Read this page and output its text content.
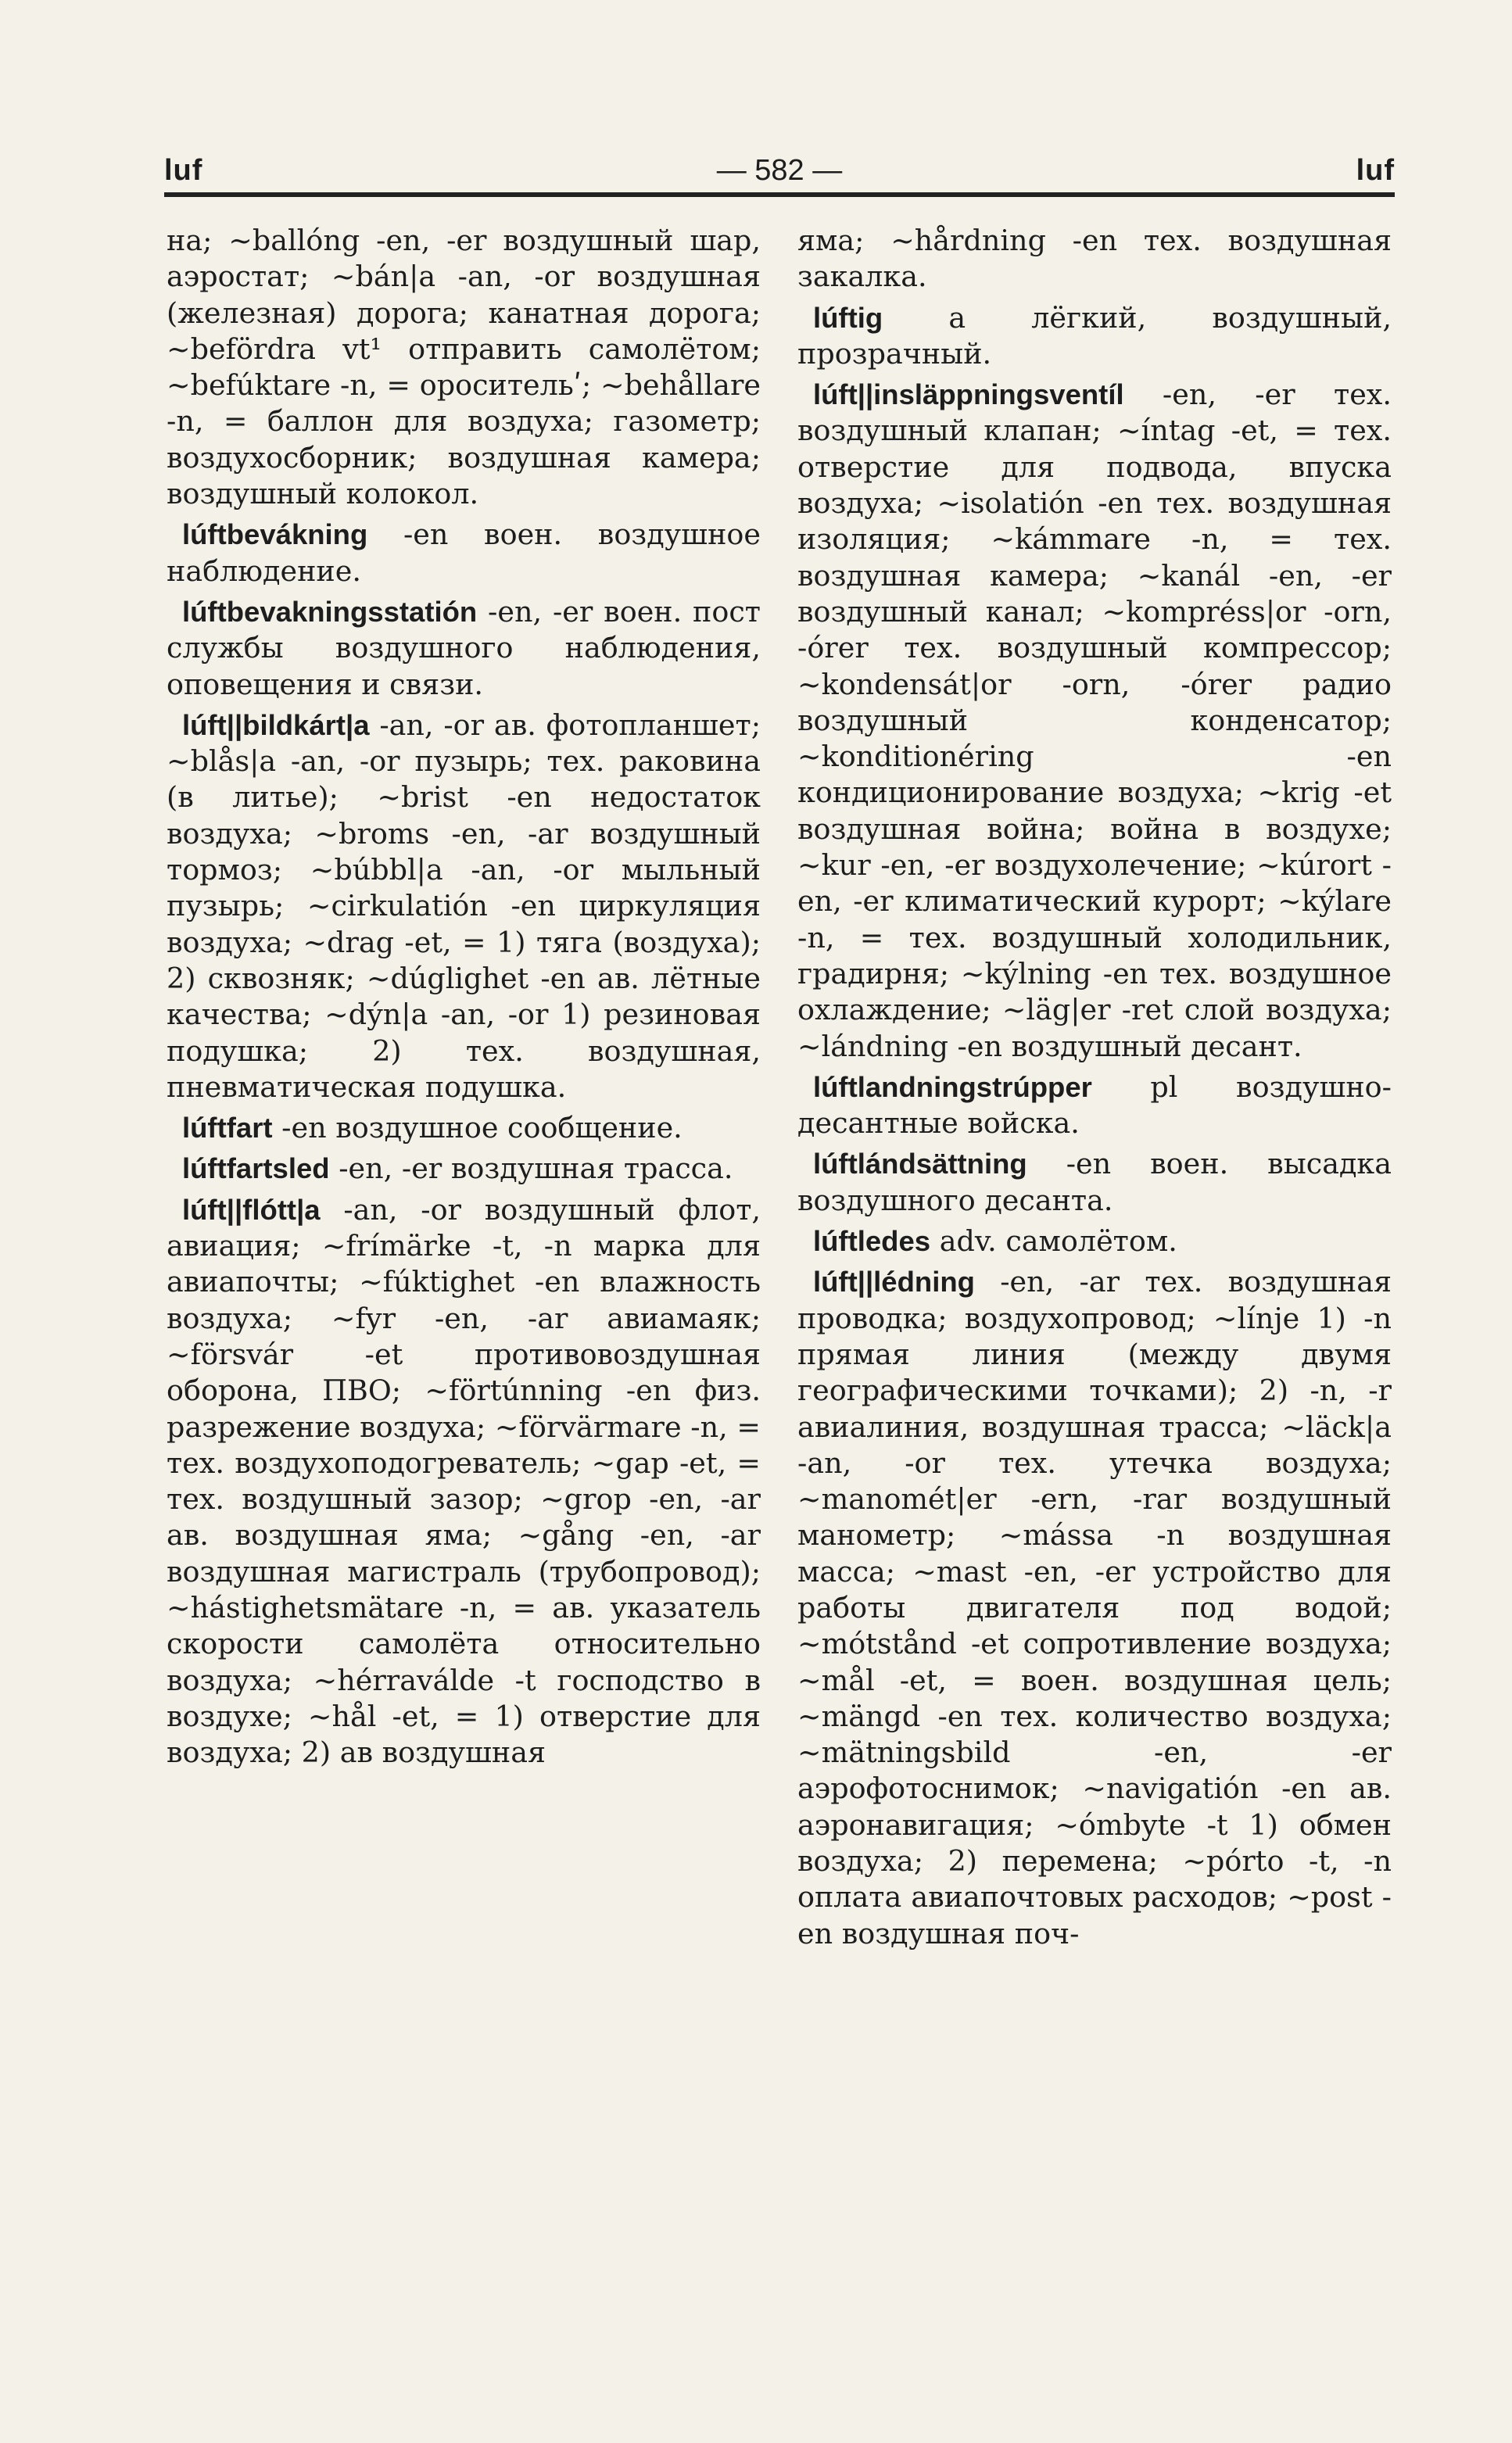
luf	— 582 —	luf

на; ~ballóng -en, -er воздушный шар, аэростат; ~bán|a -an, -or воздушная (железная) дорога; канатная дорога; ~befördra vt¹ отправить самолётом; ~befúktare -n, = оросительʹ; ~behållare -n, = баллон для воздуха; газометр; воздухосборник; воздушная камера; воздушный колокол.

lúftbevákning -en воен. воздушное наблюдение.

lúftbevakningsstatión -en, -er воен. пост службы воздушного наблюдения, оповещения и связи.

lúft||bildkárt|a -an, -or ав. фотопланшет; ~blås|a -an, -or пузырь; тех. раковина (в литье); ~brist -en недостаток воздуха; ~broms -en, -ar воздушный тормоз; ~búbbl|a -an, -or мыльный пузырь; ~cirkulatión -en циркуляция воздуха; ~drag -et, = 1) тяга (воздуха); 2) сквозняк; ~dúglighet -en ав. лётные качества; ~dýn|a -an, -or 1) резиновая подушка; 2) тех. воздушная, пневматическая подушка.

lúftfart -en воздушное сообщение.

lúftfartsled -en, -er воздушная трасса.

lúft||flótt|a -an, -or воздушный флот, авиация; ~frímärke -t, -n марка для авиапочты; ~fúktighet -en влажность воздуха; ~fyr -en, -ar авиамаяк; ~försvár -et противовоздушная оборона, ПВО; ~förtúnning -en физ. разрежение воздуха; ~förvärmare -n, = тех. воздухоподогреватель; ~gap -et, = тех. воздушный зазор; ~grop -en, -ar ав. воздушная яма; ~gång -en, -ar воздушная магистраль (трубопровод); ~hástighetsmätare -n, = ав. указатель скорости самолёта относительно воздуха; ~hérraválde -t господство в воздухе; ~hål -et, = 1) отверстие для воздуха; 2) ав воздушная

яма; ~hårdning -en тех. воздушная закалка.

lúftig a лёгкий, воздушный, прозрачный.

lúft||insläppningsventíl -en, -er тех. воздушный клапан; ~íntag -et, = тех. отверстие для подвода, впуска воздуха; ~isolatión -en тех. воздушная изоляция; ~kámmare -n, = тех. воздушная камера; ~kanál -en, -er воздушный канал; ~kompréss|or -orn, -órer тех. воздушный компрессор; ~kondensát|or -orn, -órer радио воздушный конденсатор; ~konditionéring -en кондиционирование воздуха; ~krig -et воздушная война; война в воздухе; ~kur -en, -er воздухолечение; ~kúrort -en, -er климатический курорт; ~kýlare -n, = тех. воздушный холодильник, градирня; ~kýlning -en тех. воздушное охлаждение; ~läg|er -ret слой воздуха; ~lándning -en воздушный десант.

lúftlandningstrúpper pl воздушно-десантные войска.

lúftlándsättning -en воен. высадка воздушного десанта.

lúftledes adv. самолётом.

lúft||lédning -en, -ar тех. воздушная проводка; воздухопровод; ~línje 1) -n прямая линия (между двумя географическими точками); 2) -n, -r авиалиния, воздушная трасса; ~läck|a -an, -or тех. утечка воздуха; ~manomét|er -ern, -rar воздушный манометр; ~mássa -n воздушная масса; ~mast -en, -er устройство для работы двигателя под водой; ~mótstånd -et сопротивление воздуха; ~mål -et, = воен. воздушная цель; ~mängd -en тех. количество воздуха; ~mätningsbild -en, -er аэрофотоснимок; ~navigatión -en ав. аэронавигация; ~ómbyte -t 1) обмен воздуха; 2) перемена; ~pórto -t, -n оплата авиапочтовых расходов; ~post -en воздушная поч-
